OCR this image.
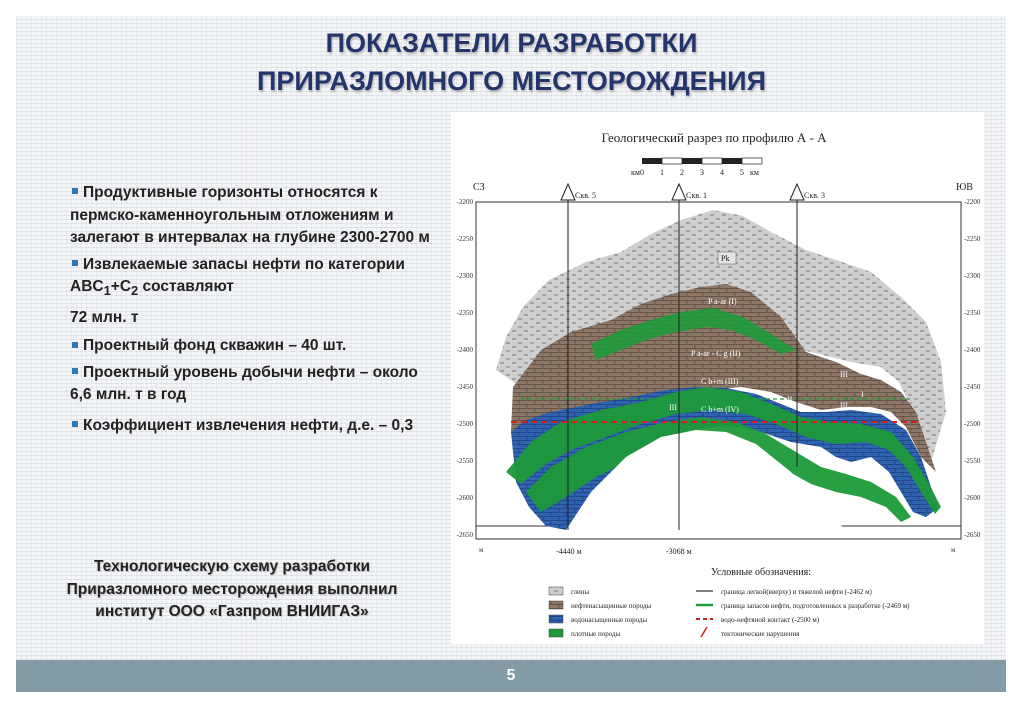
ПОКАЗАТЕЛИ РАЗРАБОТКИ
ПРИРАЗЛОМНОГО МЕСТОРОЖДЕНИЯ

Продуктивные горизонты относятся к пермско-каменноугольным отложениям и залегают в интервалах на глубине 2300-2700 м

Извлекаемые запасы нефти по категории $ABC_1+C_2$ составляют

72 млн. т

Проектный фонд скважин – 40 шт.

Проектный уровень добычи нефти – около 6,6 млн. т в год

Коэффициент извлечения нефти, д.е. – 0,3

Технологическую схему разработки Приразломного месторождения выполнил институт ООО «Газпром ВНИИГАЗ»
Геологический разрез по профилю А - А
км 0 1 2 3 4 5 км
СЗ	ЮВ
-2200
-2250
-2300
-2350
-2400
-2450
-2500
-2550
-2600
-2650
-2200
-2250
-2300
-2350
-2400
-2450
-2500
-2550
-2600
-2650
м	м
Скв. 5
-4440 м
Скв. 1
-3068 м
Скв. 3
Pk
P a-ar (I)
P a-ar - C g (II)
C b+m (III)
C b+m (IV)
III
IV
II
III
I
III
Условные обозначения:
глины
нефтенасыщенные породы
водонасыщенные породы
плотные породы
граница легкой(вверху) и тяжелой нефти (-2462 м)
граница запасов нефти, подготовленных к разработке (-2469 м)
водо-нефтяной контакт (-2500 м)
тектонические нарушения
5
